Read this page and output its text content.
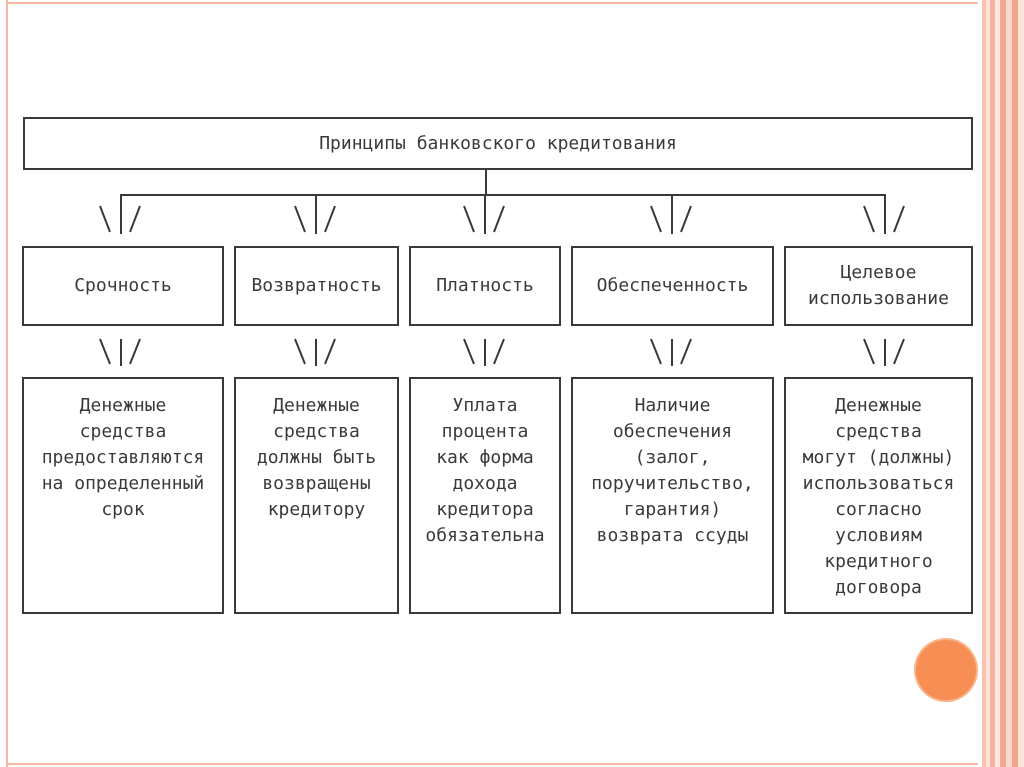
Принципы банковского кредитования
Срочность	Возвратность	Платность	Обеспеченность
Целевое
использование
Денежные
средства
предоставляются
на определенный
срок
Денежные
средства
должны быть
возвращены
кредитору
Уплата
процента
как форма
дохода
кредитора
обязательна
Наличие
обеспечения
(залог,
поручительство,
гарантия)
возврата ссуды
Денежные
средства
могут (должны)
использоваться
согласно
условиям
кредитного
договора
